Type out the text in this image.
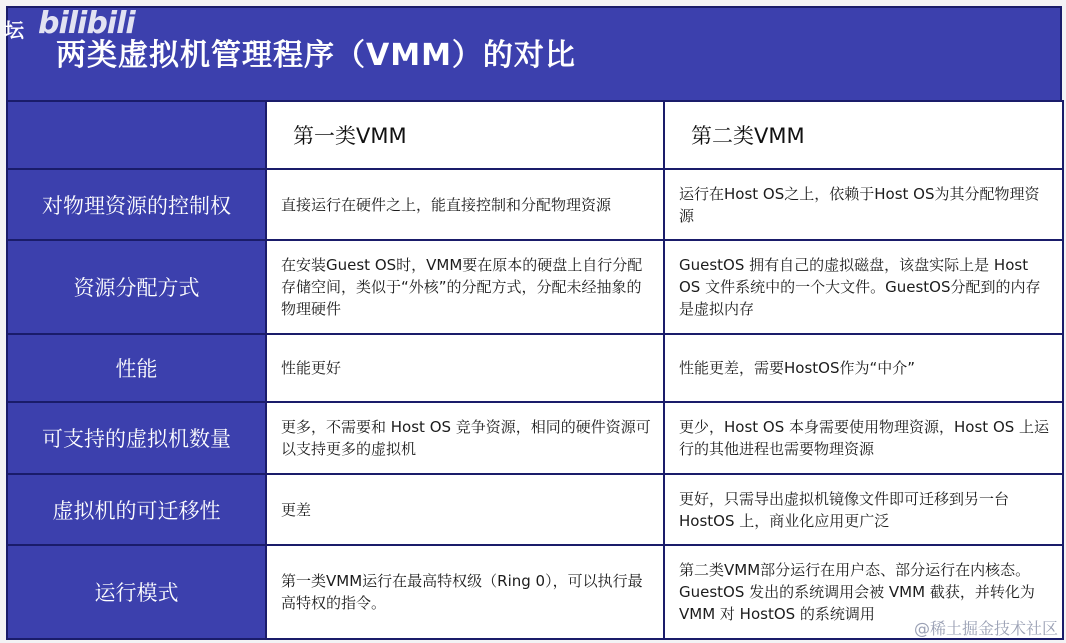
两类虚拟机管理程序（VMM）的对比
坛 bilibili
	第一类VMM	第二类VMM
对物理资源的控制权	直接运行在硬件之上，能直接控制和分配物理资源	运行在Host OS之上，依赖于Host OS为其分配物理资源
资源分配方式	在安装Guest OS时，VMM要在原本的硬盘上自行分配存储空间，类似于“外核”的分配方式，分配未经抽象的物理硬件	GuestOS 拥有自己的虚拟磁盘，该盘实际上是 Host OS 文件系统中的一个大文件。GuestOS分配到的内存是虚拟内存
性能	性能更好	性能更差，需要HostOS作为“中介”
可支持的虚拟机数量	更多，不需要和 Host OS 竞争资源，相同的硬件资源可以支持更多的虚拟机	更少，Host OS 本身需要使用物理资源，Host OS 上运行的其他进程也需要物理资源
虚拟机的可迁移性	更差	更好，只需导出虚拟机镜像文件即可迁移到另一台 HostOS 上，商业化应用更广泛
运行模式	第一类VMM运行在最高特权级（Ring 0），可以执行最高特权的指令。	第二类VMM部分运行在用户态、部分运行在内核态。GuestOS 发出的系统调用会被 VMM 截获，并转化为 VMM 对 HostOS 的系统调用
@稀土掘金技术社区
